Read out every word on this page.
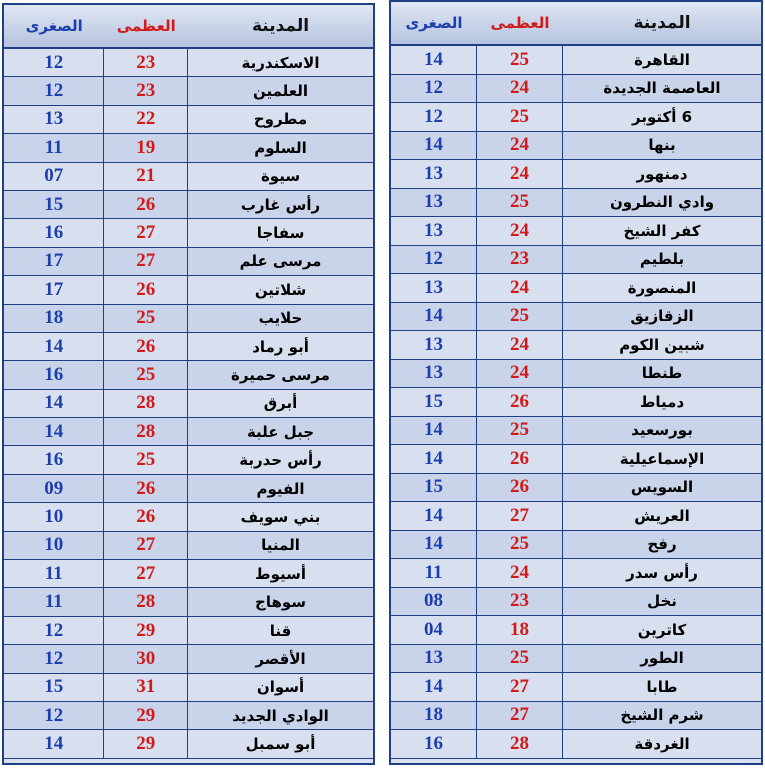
المدينة
العظمى
الصغرى
الاسكندرية
23
12
العلمين
23
12
مطروح
22
13
السلوم
19
11
سيوة
21
07
رأس غارب
26
15
سفاجا
27
16
مرسى علم
27
17
شلاتين
26
17
حلايب
25
18
أبو رماد
26
14
مرسى حميرة
25
16
أبرق
28
14
جبل علبة
28
14
رأس حدربة
25
16
الفيوم
26
09
بني سويف
26
10
المنيا
27
10
أسيوط
27
11
سوهاج
28
11
قنا
29
12
الأقصر
30
12
أسوان
31
15
الوادي الجديد
29
12
أبو سمبل
29
14
المدينة
العظمى
الصغرى
القاهرة
25
14
العاصمة الجديدة
24
12
6 أكتوبر
25
12
بنها
24
14
دمنهور
24
13
وادي النطرون
25
13
كفر الشيخ
24
13
بلطيم
23
12
المنصورة
24
13
الزقازيق
25
14
شبين الكوم
24
13
طنطا
24
13
دمياط
26
15
بورسعيد
25
14
الإسماعيلية
26
14
السويس
26
15
العريش
27
14
رفح
25
14
رأس سدر
24
11
نخل
23
08
كاترين
18
04
الطور
25
13
طابا
27
14
شرم الشيخ
27
18
الغردقة
28
16
